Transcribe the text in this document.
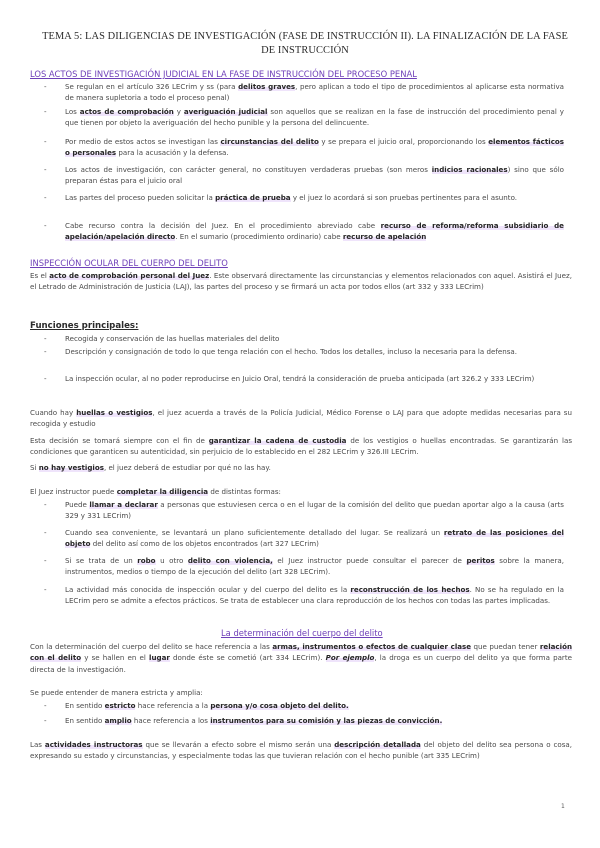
TEMA 5: LAS DILIGENCIAS DE INVESTIGACIÓN (FASE DE INSTRUCCIÓN II). LA FINALIZACIÓN DE LA FASE
DE INSTRUCCIÓN
LOS ACTOS DE INVESTIGACIÓN JUDICIAL EN LA FASE DE INSTRUCCIÓN DEL PROCESO PENAL
-	Se regulan en el artículo 326 LECrim y ss (para delitos graves, pero aplican a todo el tipo de procedimientos al aplicarse esta normativa de manera supletoria a todo el proceso penal)
-	Los actos de comprobación y averiguación judicial son aquellos que se realizan en la fase de instrucción del procedimiento penal y que tienen por objeto la averiguación del hecho punible y la persona del delincuente.
-	Por medio de estos actos se investigan las circunstancias del delito y se prepara el juicio oral, proporcionando los elementos fácticos o personales para la acusación y la defensa.
-	Los actos de investigación, con carácter general, no constituyen verdaderas pruebas (son meros indicios racionales) sino que sólo preparan éstas para el juicio oral
-	Las partes del proceso pueden solicitar la práctica de prueba y el juez lo acordará si son pruebas pertinentes para el asunto.
-	Cabe recurso contra la decisión del Juez. En el procedimiento abreviado cabe recurso de reforma/reforma subsidiario de apelación/apelación directo. En el sumario (procedimiento ordinario) cabe recurso de apelación
INSPECCIÓN OCULAR DEL CUERPO DEL DELITO
Es el acto de comprobación personal del Juez. Este observará directamente las circunstancias y elementos relacionados con aquel. Asistirá el Juez, el Letrado de Administración de Justicia (LAJ), las partes del proceso y se firmará un acta por todos ellos (art 332 y 333 LECrim)
Funciones principales:
-	Recogida y conservación de las huellas materiales del delito
-	Descripción y consignación de todo lo que tenga relación con el hecho. Todos los detalles, incluso la necesaria para la defensa.
-	La inspección ocular, al no poder reproducirse en Juicio Oral, tendrá la consideración de prueba anticipada (art 326.2 y 333 LECrim)
Cuando hay huellas o vestigios, el juez acuerda a través de la Policía Judicial, Médico Forense o LAJ para que adopte medidas necesarias para su recogida y estudio
Esta decisión se tomará siempre con el fin de garantizar la cadena de custodia de los vestigios o huellas encontradas. Se garantizarán las condiciones que garanticen su autenticidad, sin perjuicio de lo establecido en el 282 LECrim y 326.III LECrim.
Si no hay vestigios, el juez deberá de estudiar por qué no las hay.
El Juez instructor puede completar la diligencia de distintas formas:
-	Puede llamar a declarar a personas que estuviesen cerca o en el lugar de la comisión del delito que puedan aportar algo a la causa (arts 329 y 331 LECrim)
-	Cuando sea conveniente, se levantará un plano suficientemente detallado del lugar. Se realizará un retrato de las posiciones del objeto del delito así como de los objetos encontrados (art 327 LECrim)
-	Si se trata de un robo u otro delito con violencia, el Juez instructor puede consultar el parecer de peritos sobre la manera, instrumentos, medios o tiempo de la ejecución del delito (art 328 LECrim).
-	La actividad más conocida de inspección ocular y del cuerpo del delito es la reconstrucción de los hechos. No se ha regulado en la LECrim pero se admite a efectos prácticos. Se trata de establecer una clara reproducción de los hechos con todas las partes implicadas.
La determinación del cuerpo del delito
Con la determinación del cuerpo del delito se hace referencia a las armas, instrumentos o efectos de cualquier clase que puedan tener relación con el delito y se hallen en el lugar donde éste se cometió (art 334 LECrim). Por ejemplo, la droga es un cuerpo del delito ya que forma parte directa de la investigación.
Se puede entender de manera estricta y amplia:
-	En sentido estricto hace referencia a la persona y/o cosa objeto del delito.
-	En sentido amplio hace referencia a los instrumentos para su comisión y las piezas de convicción.
Las actividades instructoras que se llevarán a efecto sobre el mismo serán una descripción detallada del objeto del delito sea persona o cosa, expresando su estado y circunstancias, y especialmente todas las que tuvieran relación con el hecho punible (art 335 LECrim)
1
